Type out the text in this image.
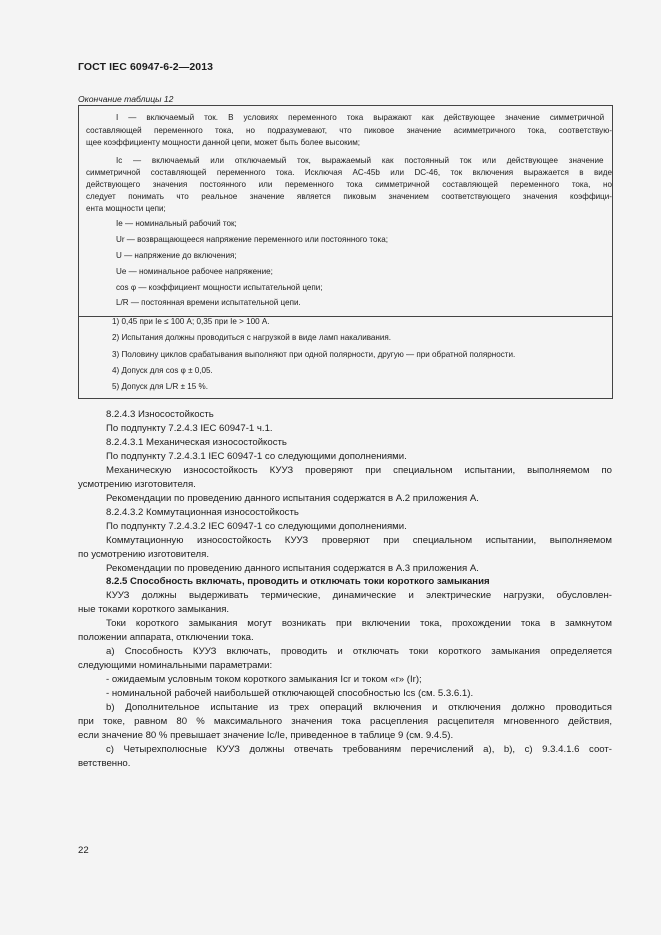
ГОСТ IEC 60947-6-2—2013
Окончание таблицы 12
22
I — включаемый ток. В условиях переменного тока выражают как действующее значение симметричной
составляющей переменного тока, но подразумевают, что пиковое значение асимметричного тока, соответствую-
щее коэффициенту мощности данной цепи, может быть более высоким;
Ic — включаемый или отключаемый ток, выражаемый как постоянный ток или действующее значение
симметричной составляющей переменного тока. Исключая AC-45b или DC-46, ток включения выражается в виде
действующего значения постоянного или переменного тока симметричной составляющей переменного тока, но
следует понимать что реальное значение является пиковым значением соответствующего значения коэффици-
ента мощности цепи;
Ie — номинальный рабочий ток;
Ur — возвращающееся напряжение переменного или постоянного тока;
U — напряжение до включения;
Ue — номинальное рабочее напряжение;
cos φ — коэффициент мощности испытательной цепи;
L/R — постоянная времени испытательной цепи.
1) 0,45 при Ie ≤ 100 А; 0,35 при Ie > 100 А.
2) Испытания должны проводиться с нагрузкой в виде ламп накаливания.
3) Половину циклов срабатывания выполняют при одной полярности, другую — при обратной полярности.
4) Допуск для cos φ ± 0,05.
5) Допуск для L/R ± 15 %.
8.2.4.3 Износостойкость
По подпункту 7.2.4.3 IEC 60947-1 ч.1.
8.2.4.3.1 Механическая износостойкость
По подпункту 7.2.4.3.1 IEC 60947-1 со следующими дополнениями.
Механическую износостойкость КУУЗ проверяют при специальном испытании, выполняемом по
усмотрению изготовителя.
Рекомендации по проведению данного испытания содержатся в А.2 приложения А.
8.2.4.3.2 Коммутационная износостойкость
По подпункту 7.2.4.3.2 IEC 60947-1 со следующими дополнениями.
Коммутационную износостойкость КУУЗ проверяют при специальном испытании, выполняемом
по усмотрению изготовителя.
Рекомендации по проведению данного испытания содержатся в А.3 приложения А.
8.2.5 Способность включать, проводить и отключать токи короткого замыкания
КУУЗ должны выдерживать термические, динамические и электрические нагрузки, обусловлен-
ные токами короткого замыкания.
Токи короткого замыкания могут возникать при включении тока, прохождении тока в замкнутом
положении аппарата, отключении тока.
а) Способность КУУЗ включать, проводить и отключать токи короткого замыкания определяется
следующими номинальными параметрами:
- ожидаемым условным током короткого замыкания Icr и током «r» (Ir);
- номинальной рабочей наибольшей отключающей способностью Ics (см. 5.3.6.1).
b) Дополнительное испытание из трех операций включения и отключения должно проводиться
при токе, равном 80 % максимального значения тока расцепления расцепителя мгновенного действия,
если значение 80 % превышает значение Ic/Ie, приведенное в таблице 9 (см. 9.4.5).
с) Четырехполюсные КУУЗ должны отвечать требованиям перечислений а), b), с) 9.3.4.1.6 соот-
ветственно.
